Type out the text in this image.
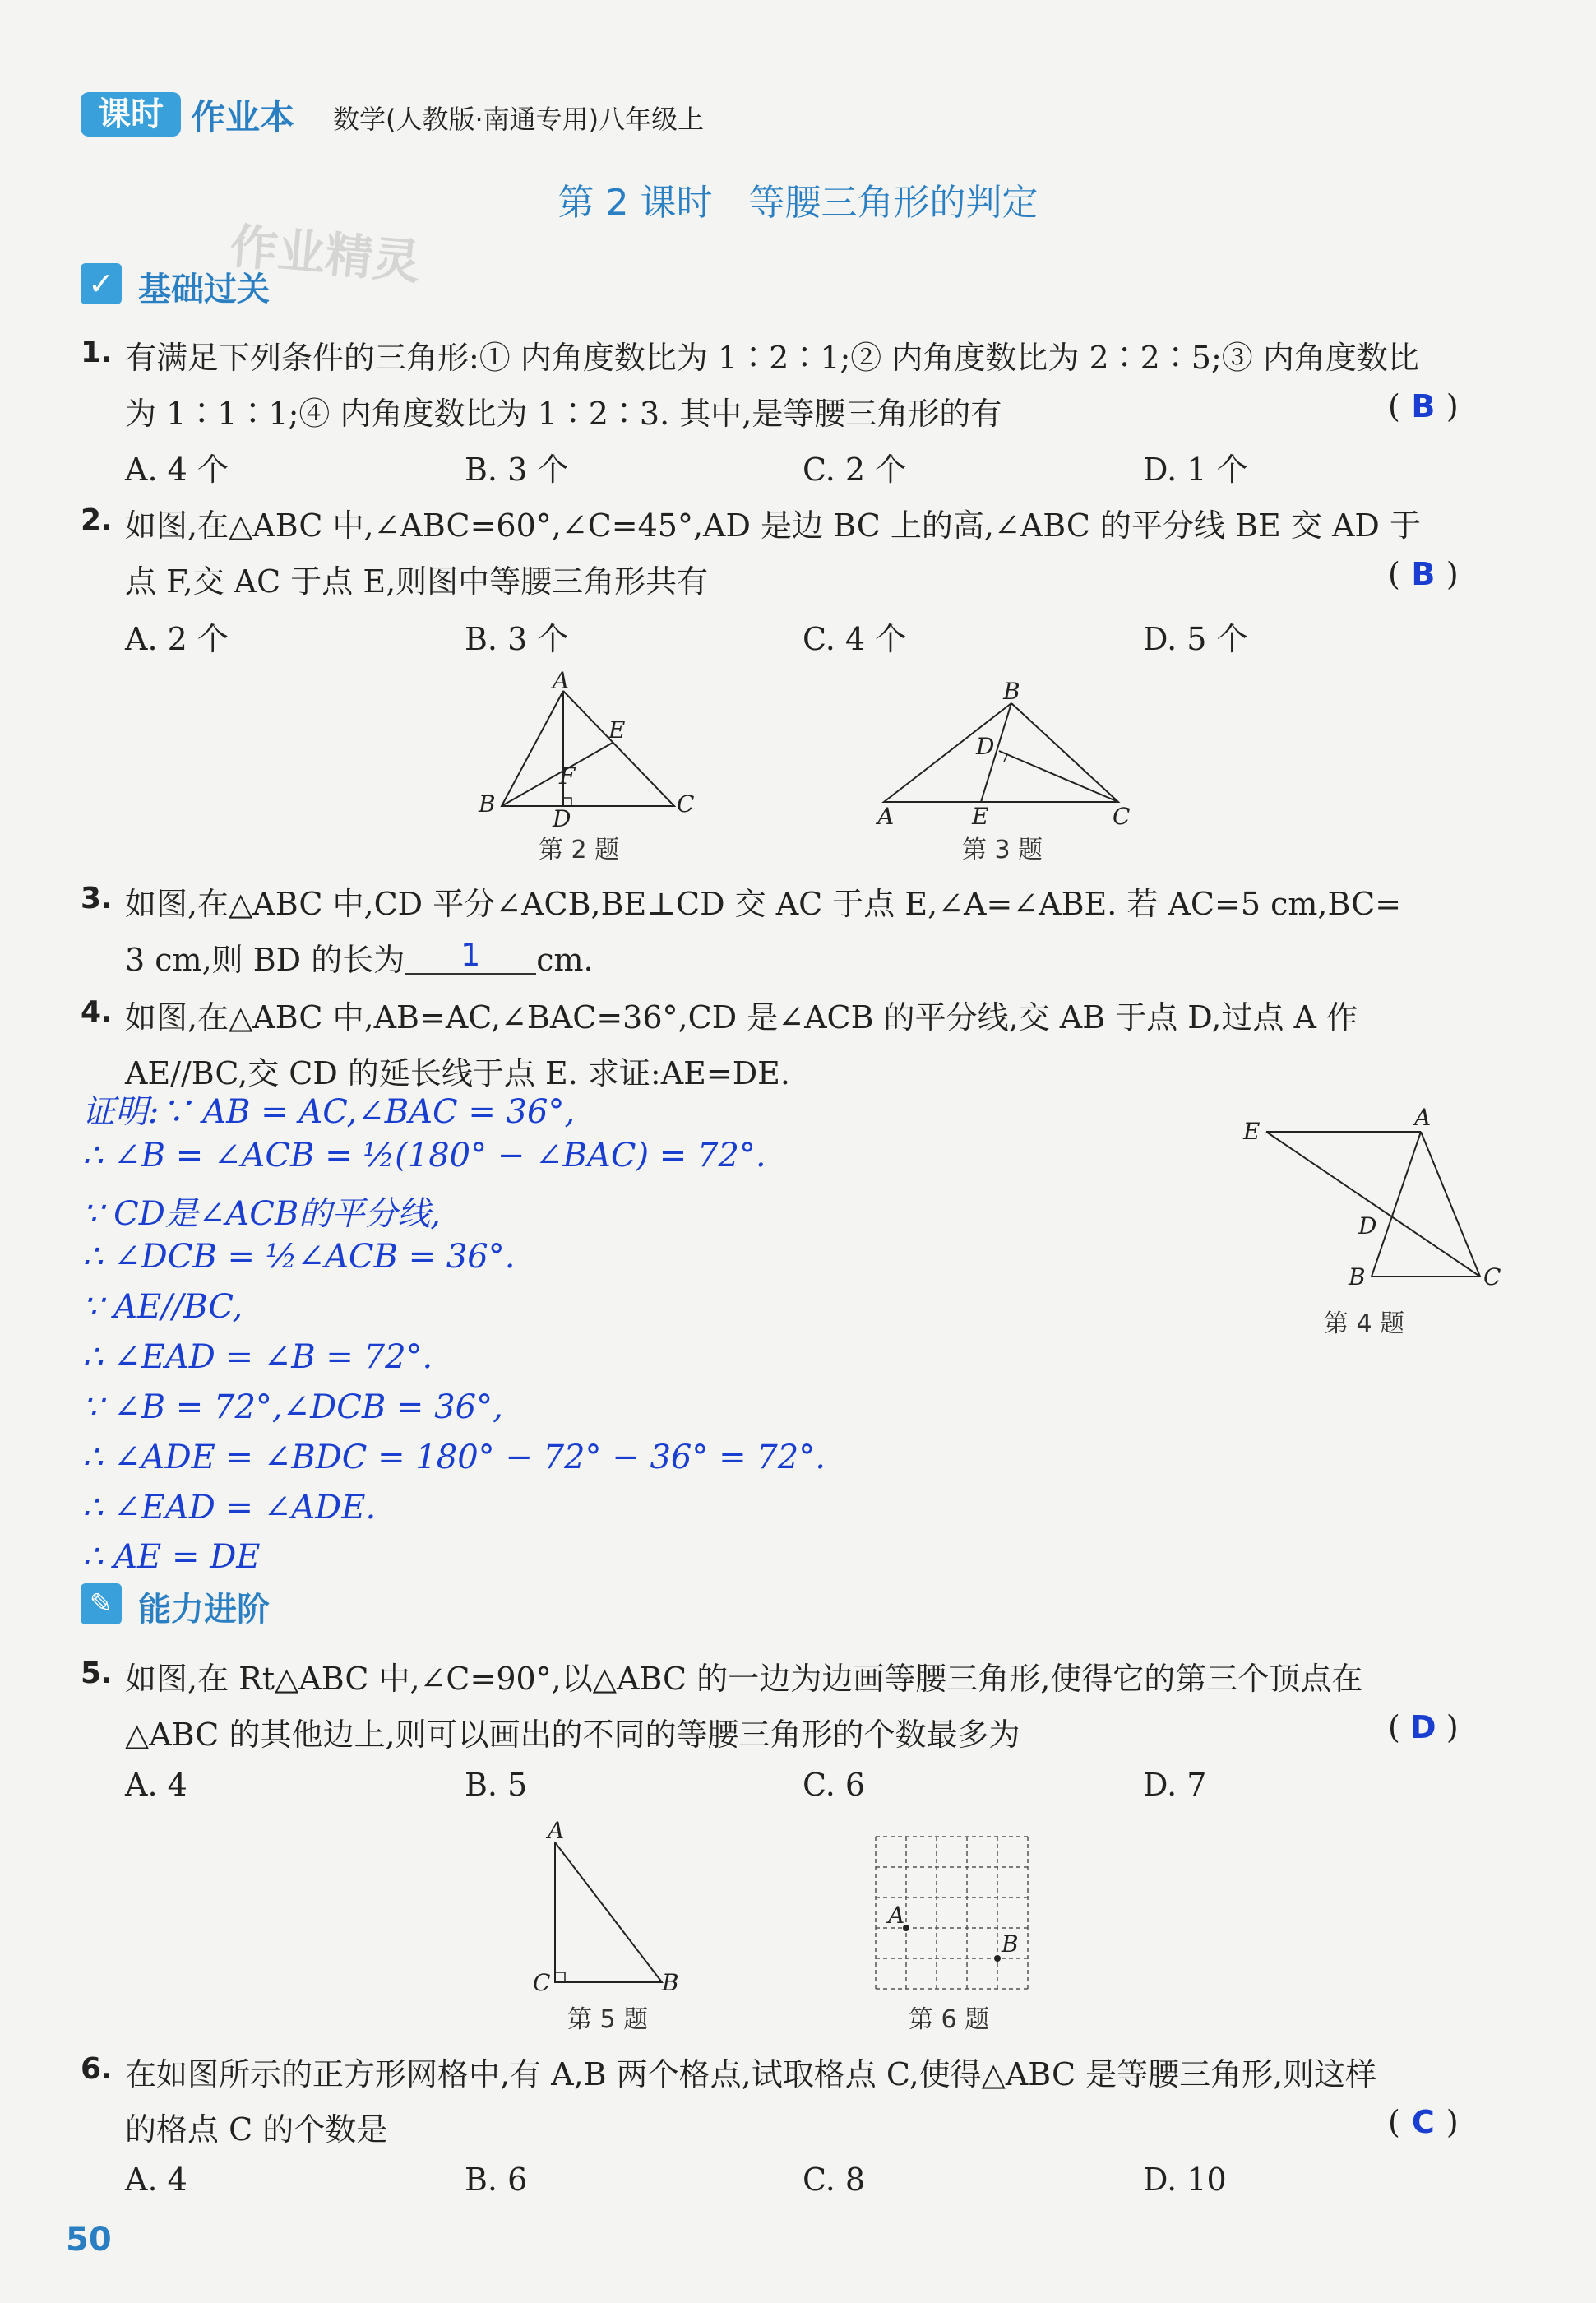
课时 作业本 数学(人教版·南通专用)八年级上
第 2 课时　等腰三角形的判定
作业精灵
✓ 基础过关
1. 有满足下列条件的三角形:① 内角度数比为 1∶2∶1;② 内角度数比为 2∶2∶5;③ 内角度数比
为 1∶1∶1;④ 内角度数比为 1∶2∶3. 其中,是等腰三角形的有	( B )
A. 4 个	B. 3 个	C. 2 个	D. 1 个
2. 如图,在△ABC 中,∠ABC=60°,∠C=45°,AD 是边 BC 上的高,∠ABC 的平分线 BE 交 AD 于
点 F,交 AC 于点 E,则图中等腰三角形共有	( B )
A. 2 个	B. 3 个	C. 4 个	D. 5 个
A
E
F
B
D
C
第 2 题
B
D
A	E	C
第 3 题
3. 如图,在△ABC 中,CD 平分∠ACB,BE⊥CD 交 AC 于点 E,∠A=∠ABE. 若 AC=5 cm,BC=
3 cm,则 BD 的长为 1 cm.
4. 如图,在△ABC 中,AB=AC,∠BAC=36°,CD 是∠ACB 的平分线,交 AB 于点 D,过点 A 作
AE//BC,交 CD 的延长线于点 E. 求证:AE=DE.
证明:∵ AB = AC,∠BAC = 36°,
∴ ∠B = ∠ACB = ½(180° − ∠BAC) = 72°.
∵ CD是∠ACB的平分线,
∴ ∠DCB = ½∠ACB = 36°.
∵ AE//BC,
∴ ∠EAD = ∠B = 72°.
∵ ∠B = 72°,∠DCB = 36°,
∴ ∠ADE = ∠BDC = 180° − 72° − 36° = 72°.
∴ ∠EAD = ∠ADE.
∴ AE = DE
E
A
D
B	C
第 4 题
✎ 能力进阶
5. 如图,在 Rt△ABC 中,∠C=90°,以△ABC 的一边为边画等腰三角形,使得它的第三个顶点在
△ABC 的其他边上,则可以画出的不同的等腰三角形的个数最多为	( D )
A. 4	B. 5	C. 6	D. 7
A
C	B
第 5 题
A
B
第 6 题
6. 在如图所示的正方形网格中,有 A,B 两个格点,试取格点 C,使得△ABC 是等腰三角形,则这样
的格点 C 的个数是	( C )
A. 4	B. 6	C. 8	D. 10
50
